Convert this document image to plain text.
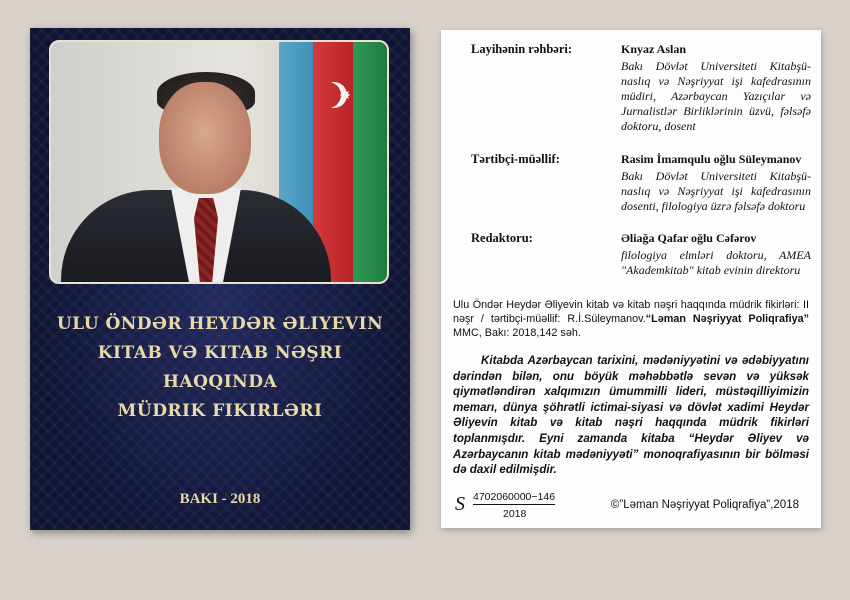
✸
ULU ÖNDƏR HEYDƏR ƏLIYEVIN
KITAB VƏ KITAB NƏŞRI HAQQINDA
MÜDRIK FIKIRLƏRI
BAKI - 2018
Layihənin rəhbəri:	Knyaz Aslan
Bakı Dövlət Universiteti Kitabşü-naslıq və Nəşriyyat işi kafedrasının müdiri, Azərbaycan Yazıçılar və Jurnalistlər Birliklərinin üzvü, fəlsəfə doktoru, dosent
Tərtibçi-müəllif:	Rasim İmamqulu oğlu Süleymanov
Bakı Dövlət Universiteti Kitabşü-naslıq və Nəşriyyat işi kafedrasının dosenti, filologiya üzrə fəlsəfə doktoru
Redaktoru:	Əliağa Qafar oğlu Cəfərov
filologiya elmləri doktoru, AMEA "Akademkitab" kitab evinin direktoru
Ulu Öndər Heydər Əliyevin kitab və kitab nəşri haqqında müdrik fikirləri: II nəşr / tərtibçi-müəllif: R.İ.Süleymanov.“Ləman Nəşriyyat Poliqrafiya” MMC, Bakı: 2018,142 səh.
Kitabda Azərbaycan tarixini, mədəniyyətini və ədəbiyyatını dərindən bilən, onu böyük məhəbbətlə sevən və yüksək qiymətləndirən xalqımızın ümummilli lideri, müstəqilliyimizin memarı, dünya şöhrətli ictimai-siyasi və dövlət xadimi Heydər Əliyevin kitab və kitab nəşri haqqında müdrik fikirləri toplanmışdır. Eyni zamanda kitaba “Heydər Əliyev və Azərbaycanın kitab mədəniyyəti” monoqrafiyasının bir bölməsi də daxil edilmişdir.
S 4702060000−146
2018
©”Ləman Nəşriyyat Poliqrafiya”,2018
